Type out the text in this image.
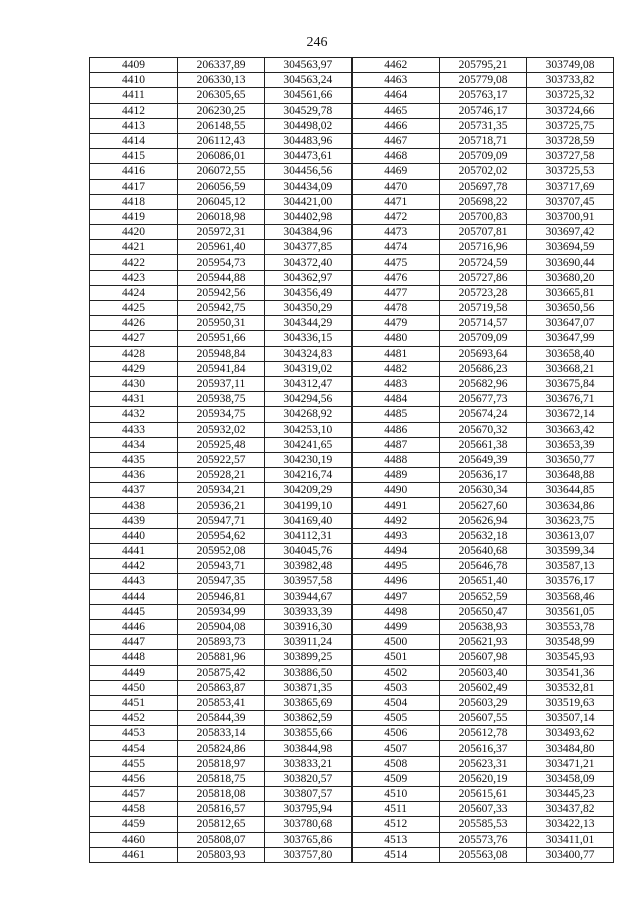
246
4409	206337,89	304563,97	4462	205795,21	303749,08
4410	206330,13	304563,24	4463	205779,08	303733,82
4411	206305,65	304561,66	4464	205763,17	303725,32
4412	206230,25	304529,78	4465	205746,17	303724,66
4413	206148,55	304498,02	4466	205731,35	303725,75
4414	206112,43	304483,96	4467	205718,71	303728,59
4415	206086,01	304473,61	4468	205709,09	303727,58
4416	206072,55	304456,56	4469	205702,02	303725,53
4417	206056,59	304434,09	4470	205697,78	303717,69
4418	206045,12	304421,00	4471	205698,22	303707,45
4419	206018,98	304402,98	4472	205700,83	303700,91
4420	205972,31	304384,96	4473	205707,81	303697,42
4421	205961,40	304377,85	4474	205716,96	303694,59
4422	205954,73	304372,40	4475	205724,59	303690,44
4423	205944,88	304362,97	4476	205727,86	303680,20
4424	205942,56	304356,49	4477	205723,28	303665,81
4425	205942,75	304350,29	4478	205719,58	303650,56
4426	205950,31	304344,29	4479	205714,57	303647,07
4427	205951,66	304336,15	4480	205709,09	303647,99
4428	205948,84	304324,83	4481	205693,64	303658,40
4429	205941,84	304319,02	4482	205686,23	303668,21
4430	205937,11	304312,47	4483	205682,96	303675,84
4431	205938,75	304294,56	4484	205677,73	303676,71
4432	205934,75	304268,92	4485	205674,24	303672,14
4433	205932,02	304253,10	4486	205670,32	303663,42
4434	205925,48	304241,65	4487	205661,38	303653,39
4435	205922,57	304230,19	4488	205649,39	303650,77
4436	205928,21	304216,74	4489	205636,17	303648,88
4437	205934,21	304209,29	4490	205630,34	303644,85
4438	205936,21	304199,10	4491	205627,60	303634,86
4439	205947,71	304169,40	4492	205626,94	303623,75
4440	205954,62	304112,31	4493	205632,18	303613,07
4441	205952,08	304045,76	4494	205640,68	303599,34
4442	205943,71	303982,48	4495	205646,78	303587,13
4443	205947,35	303957,58	4496	205651,40	303576,17
4444	205946,81	303944,67	4497	205652,59	303568,46
4445	205934,99	303933,39	4498	205650,47	303561,05
4446	205904,08	303916,30	4499	205638,93	303553,78
4447	205893,73	303911,24	4500	205621,93	303548,99
4448	205881,96	303899,25	4501	205607,98	303545,93
4449	205875,42	303886,50	4502	205603,40	303541,36
4450	205863,87	303871,35	4503	205602,49	303532,81
4451	205853,41	303865,69	4504	205603,29	303519,63
4452	205844,39	303862,59	4505	205607,55	303507,14
4453	205833,14	303855,66	4506	205612,78	303493,62
4454	205824,86	303844,98	4507	205616,37	303484,80
4455	205818,97	303833,21	4508	205623,31	303471,21
4456	205818,75	303820,57	4509	205620,19	303458,09
4457	205818,08	303807,57	4510	205615,61	303445,23
4458	205816,57	303795,94	4511	205607,33	303437,82
4459	205812,65	303780,68	4512	205585,53	303422,13
4460	205808,07	303765,86	4513	205573,76	303411,01
4461	205803,93	303757,80	4514	205563,08	303400,77
